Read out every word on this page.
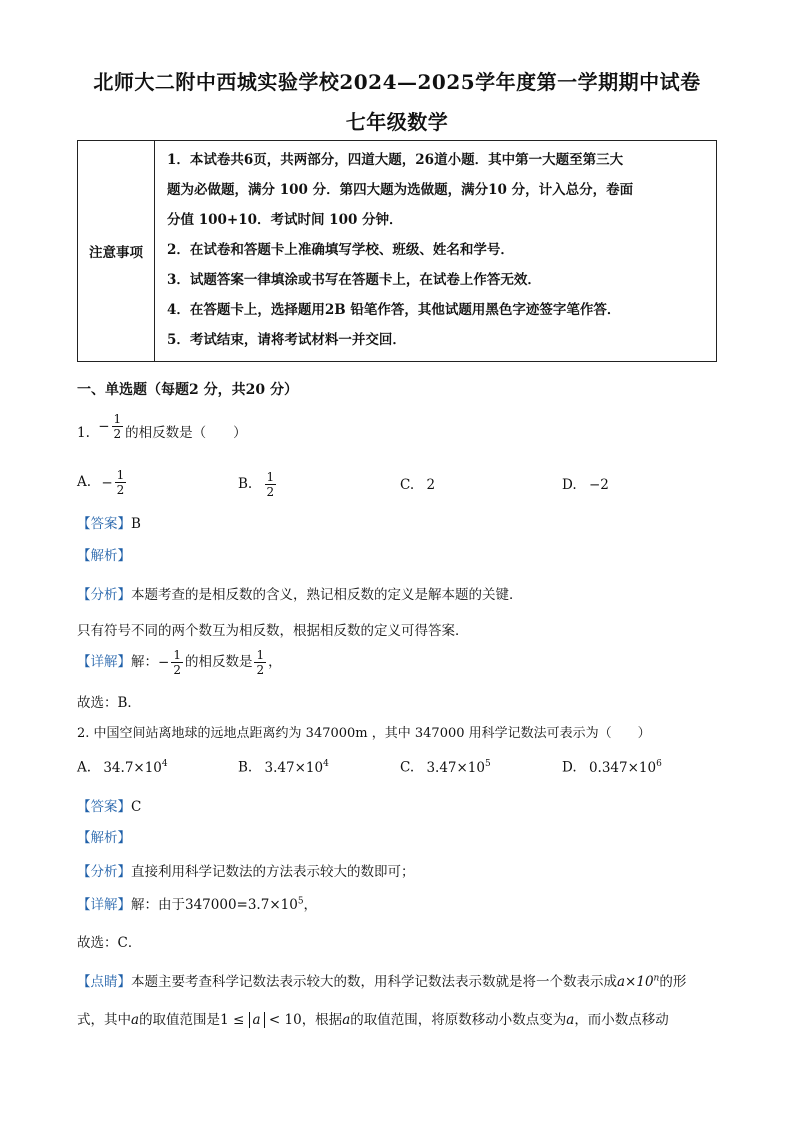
北师大二附中西城实验学校2024—2025学年度第一学期期中试卷
七年级数学
注意事项	
1．本试卷共6页，共两部分，四道大题，26道小题．其中第一大题至第三大
题为必做题，满分 100 分．第四大题为选做题，满分10 分，计入总分，卷面
分值 100+10．考试时间 100 分钟．
2．在试卷和答题卡上准确填写学校、班级、姓名和学号．
3．试题答案一律填涂或书写在答题卡上，在试卷上作答无效．
4．在答题卡上，选择题用2B 铅笔作答，其他试题用黑色字迹签字笔作答．
5．考试结束，请将考试材料一并交回．
一、单选题（每题2 分，共20 分）
1. − $\frac{1}{2}$ 的相反数是（　　）
A. − $\frac{1}{2}$	B. $\frac{1}{2}$	C. 2	D. −2
【答案】B
【解析】
【分析】本题考查的是相反数的含义，熟记相反数的定义是解本题的关键．
只有符号不同的两个数互为相反数，根据相反数的定义可得答案．
【详解】解：− $\frac{1}{2}$ 的相反数是 $\frac{1}{2}$ ，
故选：B．
2. 中国空间站离地球的远地点距离约为 347000m ，其中 347000 用科学记数法可表示为（　　）
A. $34.7\times 10^4$	B. $3.47\times 10^4$	C. $3.47\times 10^5$	D. $0.347\times 10^6$
【答案】C
【解析】
【分析】直接利用科学记数法的方法表示较大的数即可；
【详解】解：由于$347000=3.7\times 10^5$，
故选：C．
【点睛】本题主要考查科学记数法表示较大的数，用科学记数法表示数就是将一个数表示成$a\times 10^n$的形
式，其中a的取值范围是1 ≤ a < 10，根据a的取值范围，将原数移动小数点变为a，而小数点移动
